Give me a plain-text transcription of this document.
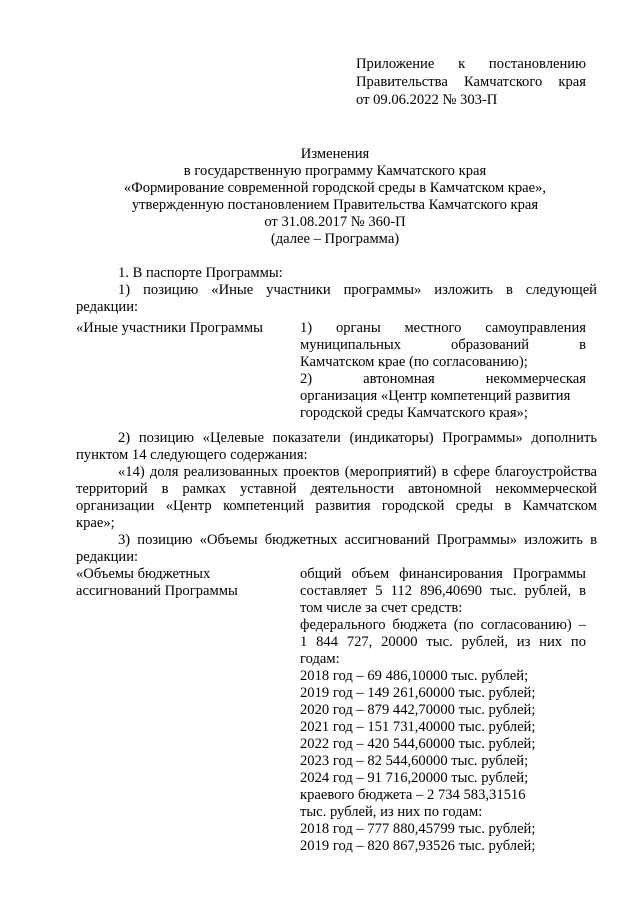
Приложение к постановлению
Правительства Камчатского края
от 09.06.2022 № 303-П
Изменения
в государственную программу Камчатского края
«Формирование современной городской среды в Камчатском крае»,
утвержденную постановлением Правительства Камчатского края
от 31.08.2017 № 360-П
(далее – Программа)
1. В паспорте Программы:
1) позицию «Иные участники программы» изложить в следующей
редакции:
«Иные участники Программы	1) органы местного самоуправления
муниципальных образований в
Камчатском крае (по согласованию);
2) автономная некоммерческая
организация «Центр компетенций развития
городской среды Камчатского края»;
2) позицию «Целевые показатели (индикаторы) Программы» дополнить
пунктом 14 следующего содержания:
«14) доля реализованных проектов (мероприятий) в сфере благоустройства
территорий в рамках уставной деятельности автономной некоммерческой
организации «Центр компетенций развития городской среды в Камчатском
крае»;
3) позицию «Объемы бюджетных ассигнований Программы» изложить в
редакции:
«Объемы бюджетных
ассигнований Программы
общий объем финансирования Программы
составляет 5 112 896,40690 тыс. рублей, в
том числе за счет средств:
федерального бюджета (по согласованию) –
1 844 727, 20000 тыс. рублей, из них по
годам:
2018 год – 69 486,10000 тыс. рублей;
2019 год – 149 261,60000 тыс. рублей;
2020 год – 879 442,70000 тыс. рублей;
2021 год – 151 731,40000 тыс. рублей;
2022 год – 420 544,60000 тыс. рублей;
2023 год – 82 544,60000 тыс. рублей;
2024 год – 91 716,20000 тыс. рублей;
краевого бюджета – 2 734 583,31516
тыс. рублей, из них по годам:
2018 год – 777 880,45799 тыс. рублей;
2019 год – 820 867,93526 тыс. рублей;
